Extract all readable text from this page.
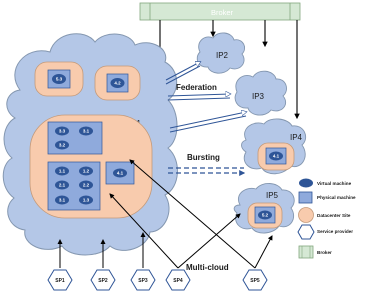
Broker
5.3
4.2
3.3	3.1
3.2
1.1	1.2
2.1	2.2
3.1	1.3
4.1
IP2
IP3
IP4
4.1
IP5
5.2
Federation
Bursting
Multi-cloud
SP1	SP2	SP3	SP4	SP5
Virtual machine
Physical machine
Datacenter Site
Service provider
Broker
